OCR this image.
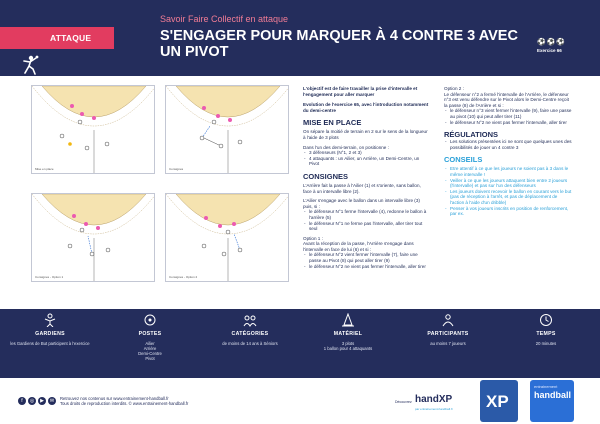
ATTAQUE
Savoir Faire Collectif en attaque
S'ENGAGER POUR MARQUER À 4 CONTRE 3 AVEC UN PIVOT
⚽⚽⚽
Exercice 66
Mise en place	Consignes
Consignes - Option 1	Consignes - Option 2
L'objectif est de faire travailler la prise d'intervalle et l'engagement pour aller marquer
Evolution de l'exercice 65, avec l'introduction notamment du demi-centre
MISE EN PLACE
On sépare la moitié de terrain en 2 sur le sens de la longueur à l'aide de 3 plots
Dans l'un des demi-terrain, on positionne :
- 3 défenseurs (N°1, 2 et 3)
- 4 attaquants : un Ailier, un Arrière, un Demi-Centre, un Pivot
CONSIGNES
L'Arrière fait la passe à l'Ailier (1) et s'oriente, sans ballon, face à un intervalle libre (2).
L'Ailier s'engage avec le ballon dans un intervalle libre (3) puis, si :
- le défenseur N°1 ferme l'intervalle (4), redonne le ballon à l'arrière (5)
- le défenseur N°1 ne ferme pas l'intervalle, aller tirer tout seul
Option 1 :
Avant la réception de la passe, l'Arrière s'engage dans l'intervalle en face de lui (6) et si :
- le défenseur N°2 vient fermer l'intervalle (7), faire une passe au Pivot (8) qui peut aller tirer (9)
- le défenseur N°2 ne vient pas fermer l'intervalle, aller tirer
Option 2 :
Le défenseur n°2 a fermé l'intervalle de l'Arrière, le défenseur n°3 est venu défendre sur le Pivot alors le Demi-Centre reçoit la passe (8) de l'Arrière et si :
- le défenseur n°3 vient fermer l'intervalle (9), faire une passe au pivot (10) qui peut aller tirer (11)
- le défenseur N°2 ne vient pas fermer l'intervalle, aller tirer
RÉGULATIONS
- Les solutions présentées ici ne sont que quelques unes des possibilités de jouer un 4 contre 3
CONSEILS
- Etre attentif à ce que les joueurs ne soient pas à 3 dans le même intervalle !
- Veiller à ce que les joueurs attaquent bien entre 2 joueurs (l'intervalle) et pas sur l'un des défenseurs
- Les joueurs doivent recevoir le ballon en courant vers le but (pas de réception à l'arrêt, et pas de déplacement de l'action à l'aide d'un dribble)
- Penser à vos joueurs inscrits en position de renforcement, par ex.
GARDIENS
les Gardiens de But participent à l'exercice
POSTES
Ailier
Arrière
Demi-Centre
Pivot
CATÉGORIES
de moins de 14 ans à Séniors
MATÉRIEL
3 plots
1 ballon pour 4 attaquants
PARTICIPANTS
au moins 7 joueurs
TEMPS
20 minutes
f	◎	▶	✉	Retrouvez nos contenus sur www.entrainement-handball.fr
Tous droits de reproduction interdits. © www.entrainement-handball.fr	Découvrez handXP
par entrainement-handball.fr XP	handball
entrainement
